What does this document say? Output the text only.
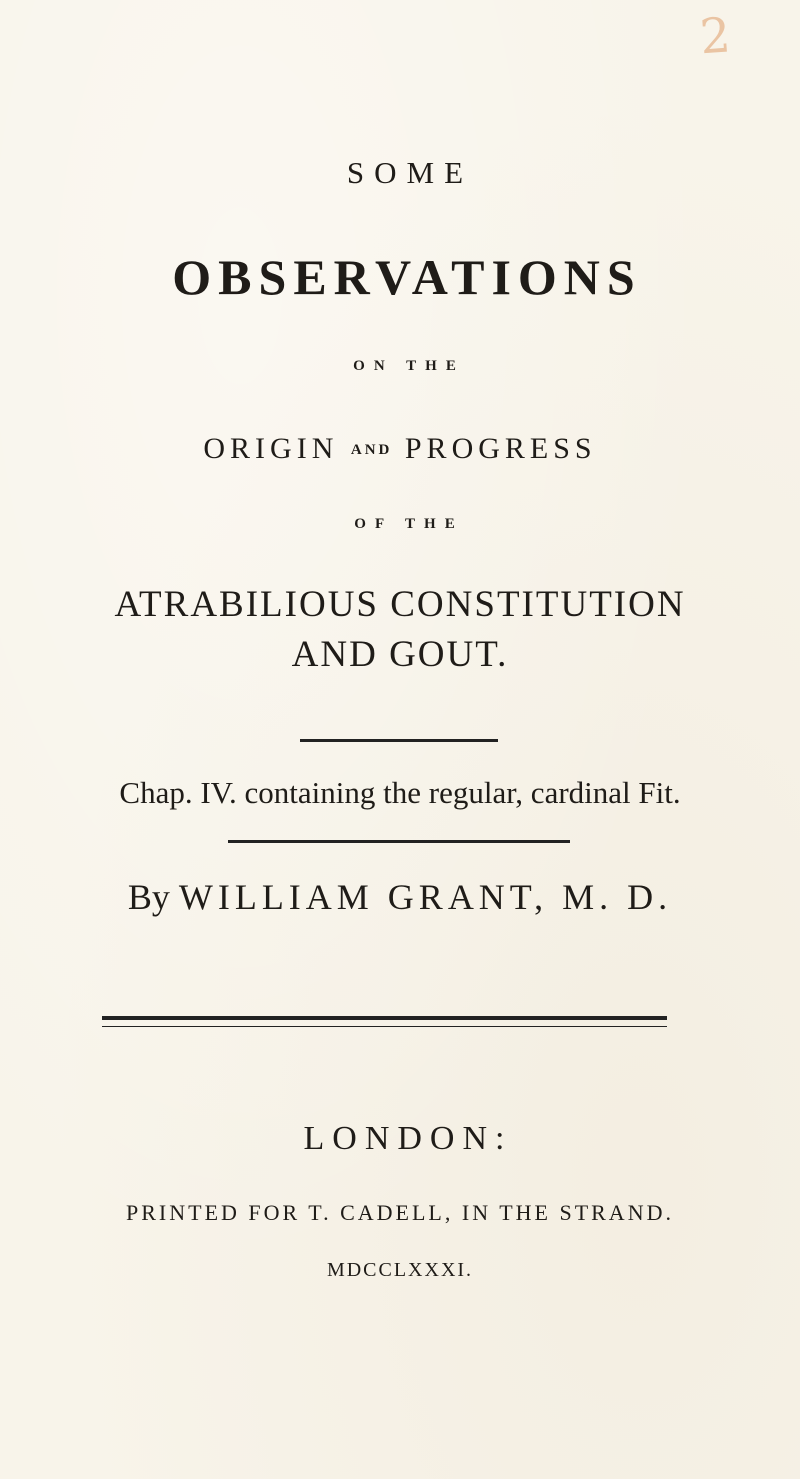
2
SOME
OBSERVATIONS
ON THE
ORIGIN AND PROGRESS
OF THE
ATRABILIOUS CONSTITUTION
AND GOUT.
Chap. IV. containing the regular, cardinal Fit.
By WILLIAM GRANT, M. D.
LONDON:
PRINTED FOR T. CADELL, IN THE STRAND.
MDCCLXXXI.
